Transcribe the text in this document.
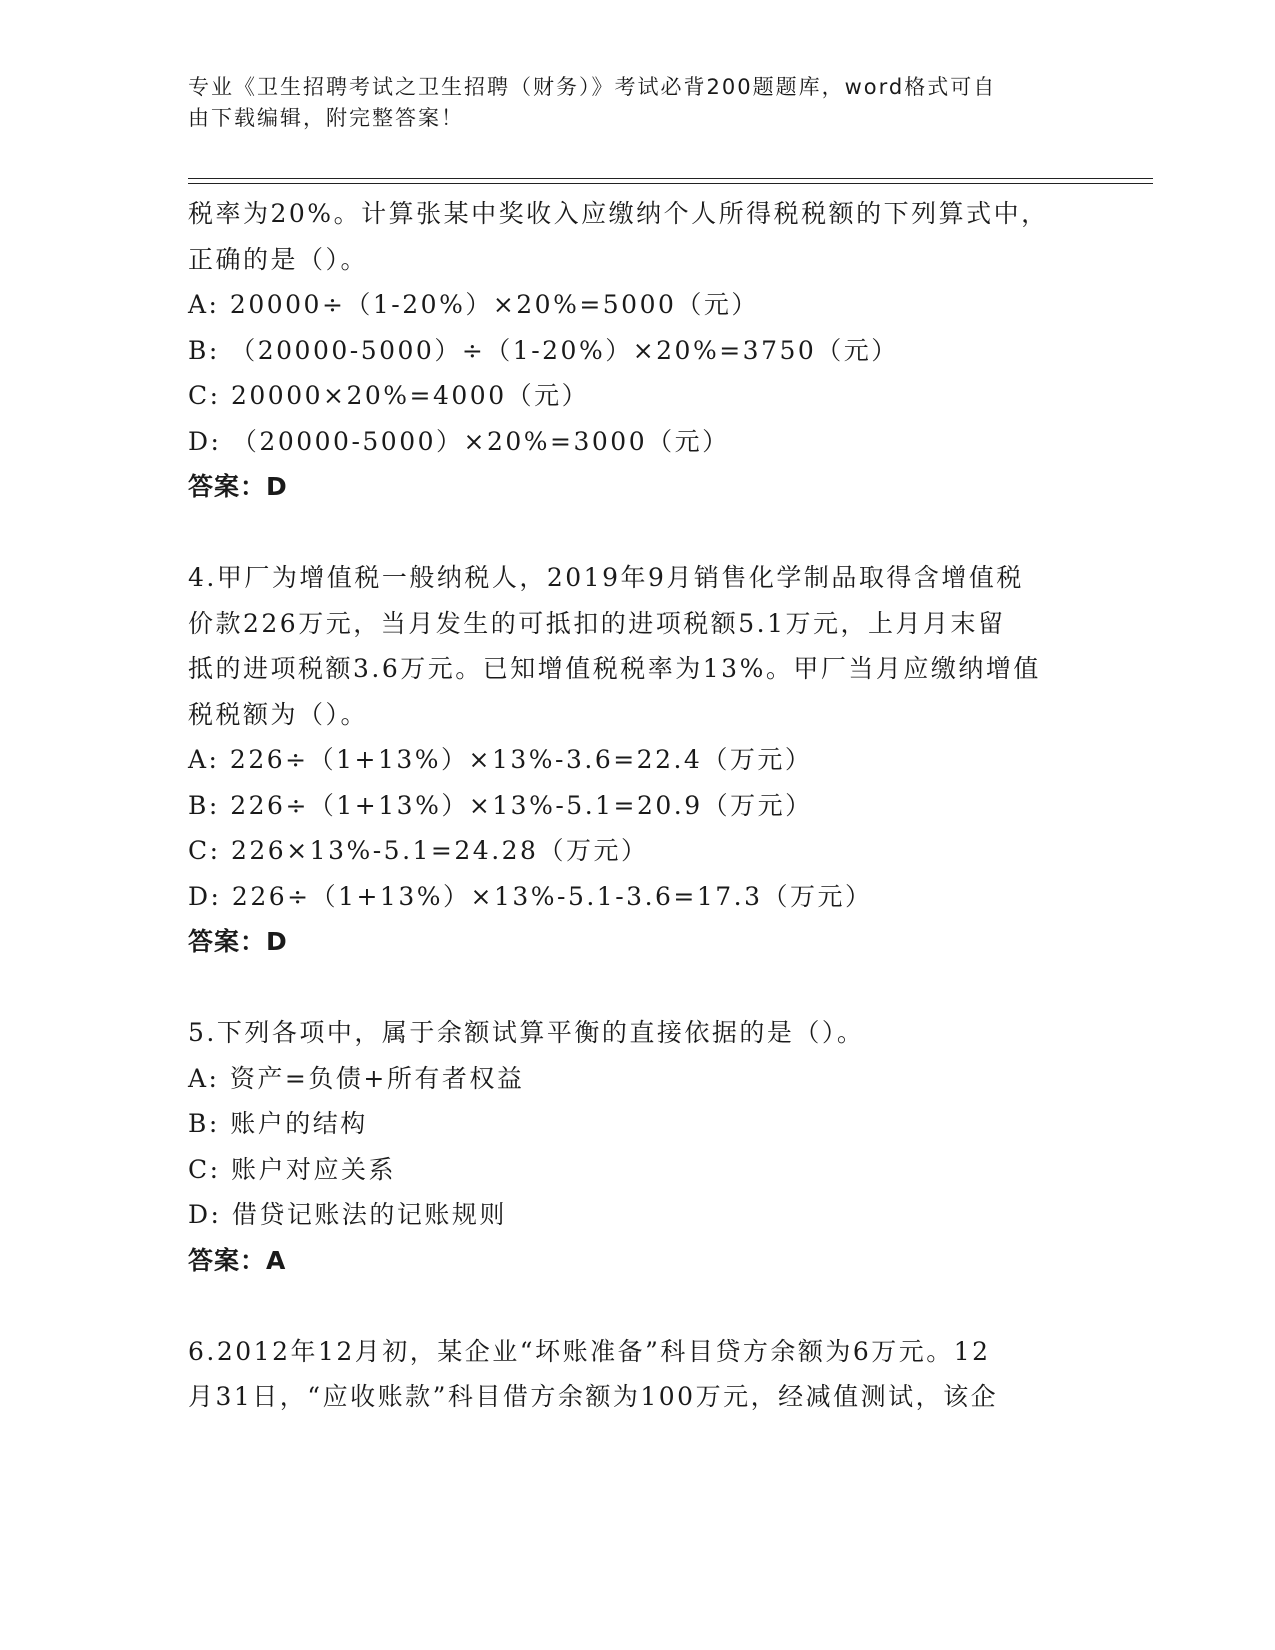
专业《卫生招聘考试之卫生招聘（财务）》考试必背200题题库，word格式可自
由下载编辑，附完整答案！
税率为20%。计算张某中奖收入应缴纳个人所得税税额的下列算式中，
正确的是（）。
A: 20000÷（1-20%）×20%=5000（元）
B: （20000-5000）÷（1-20%）×20%=3750（元）
C: 20000×20%=4000（元）
D: （20000-5000）×20%=3000（元）
答案：D
4.甲厂为增值税一般纳税人，2019年9月销售化学制品取得含增值税
价款226万元，当月发生的可抵扣的进项税额5.1万元，上月月末留
抵的进项税额3.6万元。已知增值税税率为13%。甲厂当月应缴纳增值
税税额为（）。
A: 226÷（1+13%）×13%-3.6=22.4（万元）
B: 226÷（1+13%）×13%-5.1=20.9（万元）
C: 226×13%-5.1=24.28（万元）
D: 226÷（1+13%）×13%-5.1-3.6=17.3（万元）
答案：D
5.下列各项中，属于余额试算平衡的直接依据的是（）。
A: 资产=负债+所有者权益
B: 账户的结构
C: 账户对应关系
D: 借贷记账法的记账规则
答案：A
6.2012年12月初，某企业“坏账准备”科目贷方余额为6万元。12
月31日，“应收账款”科目借方余额为100万元，经减值测试，该企
